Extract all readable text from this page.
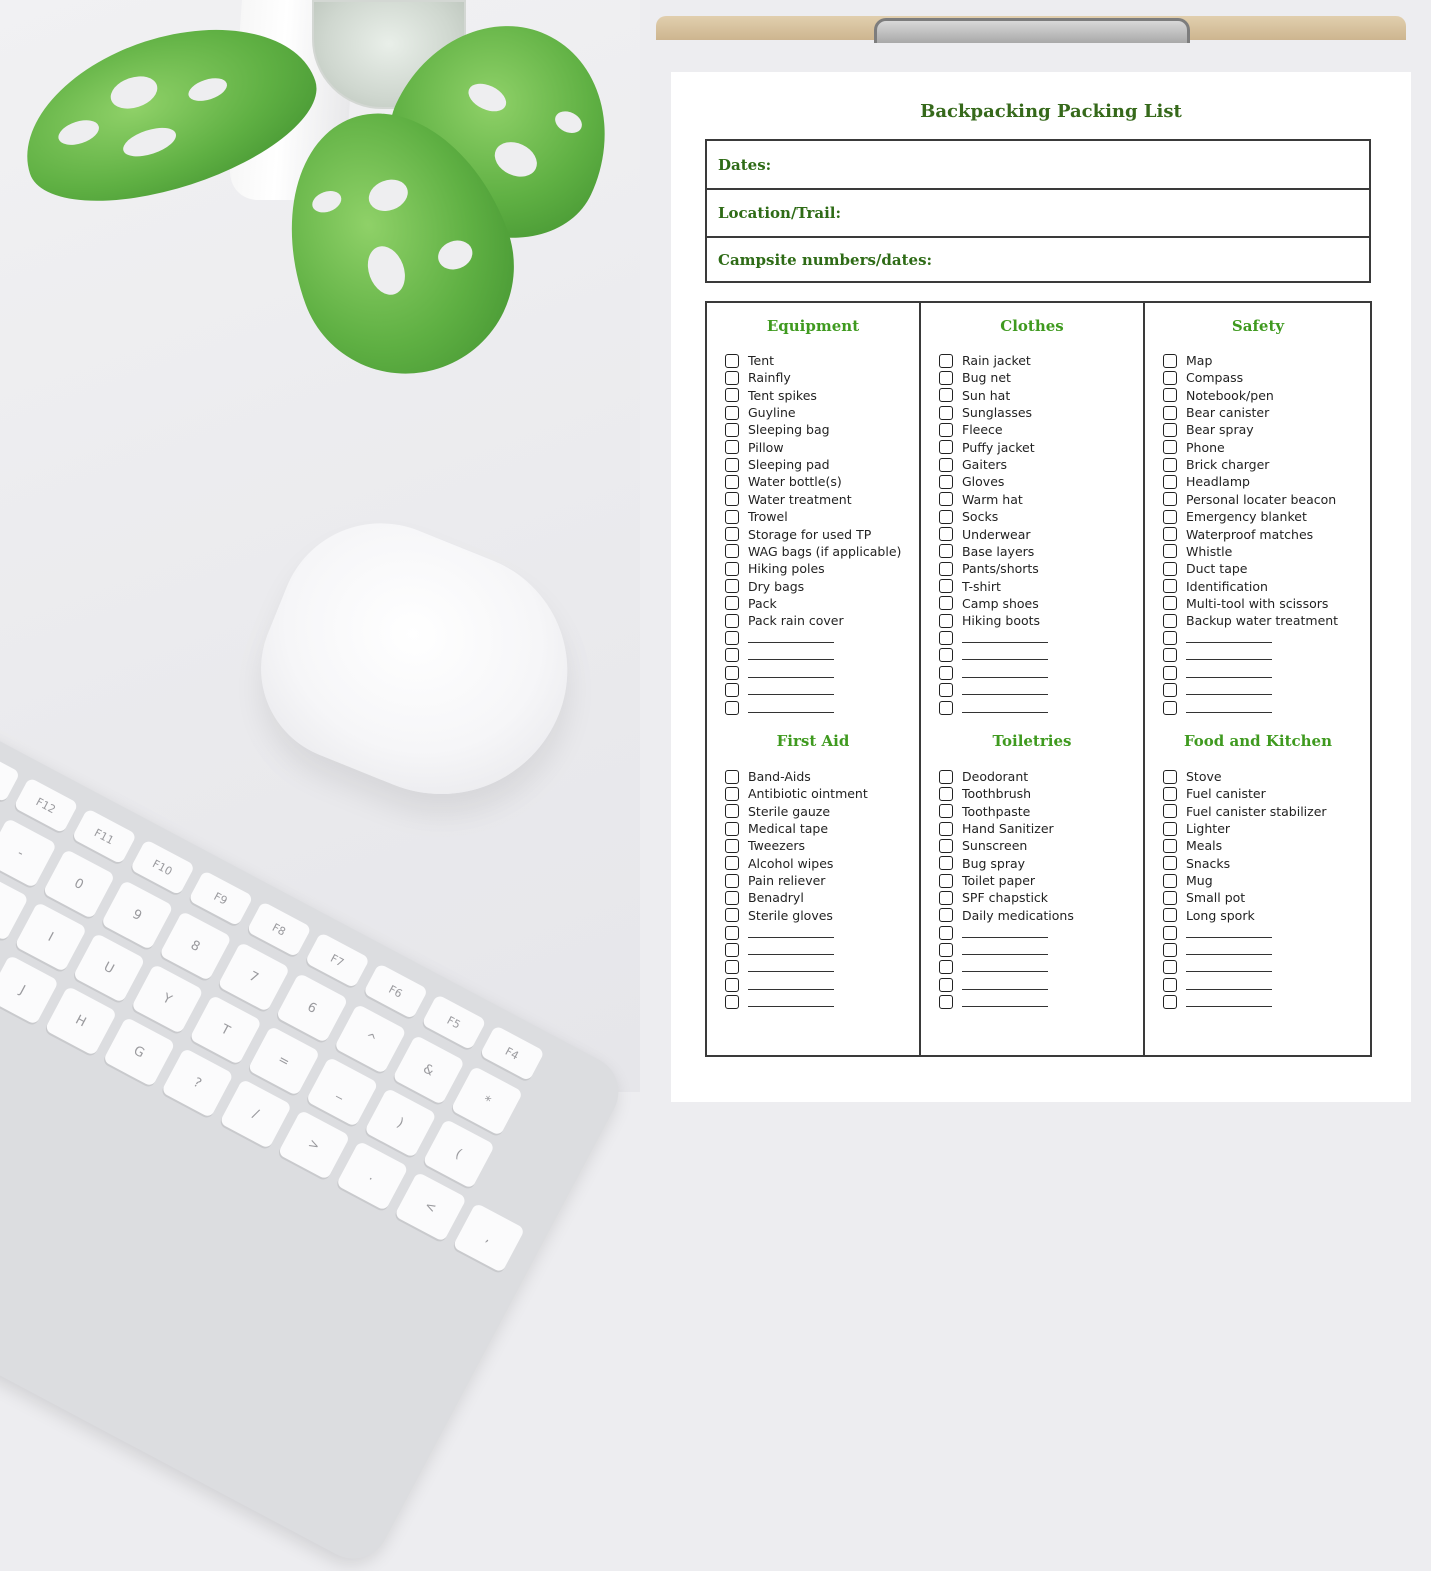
F12
F11
F10
F9
F8
F7
F6
F5
F4
-
0
9
8
7
6
^
&
*
I
U
Y
T
=
_
)
(
J
H
G
?
/
>
.
<
,
Backpacking Packing List
Dates:
Location/Trail:
Campsite numbers/dates:
Equipment
Tent
Rainfly
Tent spikes
Guyline
Sleeping bag
Pillow
Sleeping pad
Water bottle(s)
Water treatment
Trowel
Storage for used TP
WAG bags (if applicable)
Hiking poles
Dry bags
Pack
Pack rain cover
Clothes
Rain jacket
Bug net
Sun hat
Sunglasses
Fleece
Puffy jacket
Gaiters
Gloves
Warm hat
Socks
Underwear
Base layers
Pants/shorts
T-shirt
Camp shoes
Hiking boots
Safety
Map
Compass
Notebook/pen
Bear canister
Bear spray
Phone
Brick charger
Headlamp
Personal locater beacon
Emergency blanket
Waterproof matches
Whistle
Duct tape
Identification
Multi-tool with scissors
Backup water treatment
First Aid
Band-Aids
Antibiotic ointment
Sterile gauze
Medical tape
Tweezers
Alcohol wipes
Pain reliever
Benadryl
Sterile gloves
Toiletries
Deodorant
Toothbrush
Toothpaste
Hand Sanitizer
Sunscreen
Bug spray
Toilet paper
SPF chapstick
Daily medications
Food and Kitchen
Stove
Fuel canister
Fuel canister stabilizer
Lighter
Meals
Snacks
Mug
Small pot
Long spork
